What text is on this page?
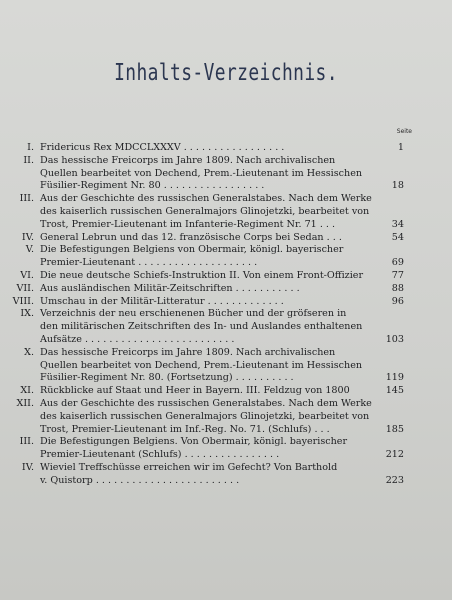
Inhalts-Verzeichnis.
Seite
I. Fridericus Rex MDCCLXXXV . . . . . . . . . . . . . . . . .	1
II. Das hessische Freicorps im Jahre 1809. Nach archivalischen
Quellen bearbeitet von Dechend, Prem.-Lieutenant im Hessischen
Füsilier-Regiment Nr. 80 . . . . . . . . . . . . . . . . .	18
III. Aus der Geschichte des russischen Generalstabes. Nach dem Werke
des kaiserlich russischen Generalmajors Glinojetzki, bearbeitet von
Trost, Premier-Lieutenant im Infanterie-Regiment Nr. 71 . . .	34
IV. General Lebrun und das 12. französische Corps bei Sedan . . .	54
V. Die Befestigungen Belgiens von Obermair, königl. bayerischer
Premier-Lieutenant . . . . . . . . . . . . . . . . . . . .	69
VI. Die neue deutsche Schiefs-Instruktion II. Von einem Front-Offizier	77
VII. Aus ausländischen Militär-Zeitschriften . . . . . . . . . . .	88
VIII. Umschau in der Militär-Litteratur . . . . . . . . . . . . .	96
IX. Verzeichnis der neu erschienenen Bücher und der gröfseren in
den militärischen Zeitschriften des In- und Auslandes enthaltenen
Aufsätze . . . . . . . . . . . . . . . . . . . . . . . . .	103
X. Das hessische Freicorps im Jahre 1809. Nach archivalischen
Quellen bearbeitet von Dechend, Prem.-Lieutenant im Hessischen
Füsilier-Regiment Nr. 80. (Fortsetzung) . . . . . . . . . .	119
XI. Rückblicke auf Staat und Heer in Bayern. III. Feldzug von 1800	145
XII. Aus der Geschichte des russischen Generalstabes. Nach dem Werke
des kaiserlich russischen Generalmajors Glinojetzki, bearbeitet von
Trost, Premier-Lieutenant im Inf.-Reg. No. 71. (Schlufs) . . .	185
III. Die Befestigungen Belgiens. Von Obermair, königl. bayerischer
Premier-Lieutenant (Schlufs) . . . . . . . . . . . . . . . .	212
IV. Wieviel Treffschüsse erreichen wir im Gefecht? Von Barthold
v. Quistorp . . . . . . . . . . . . . . . . . . . . . . . .	223
